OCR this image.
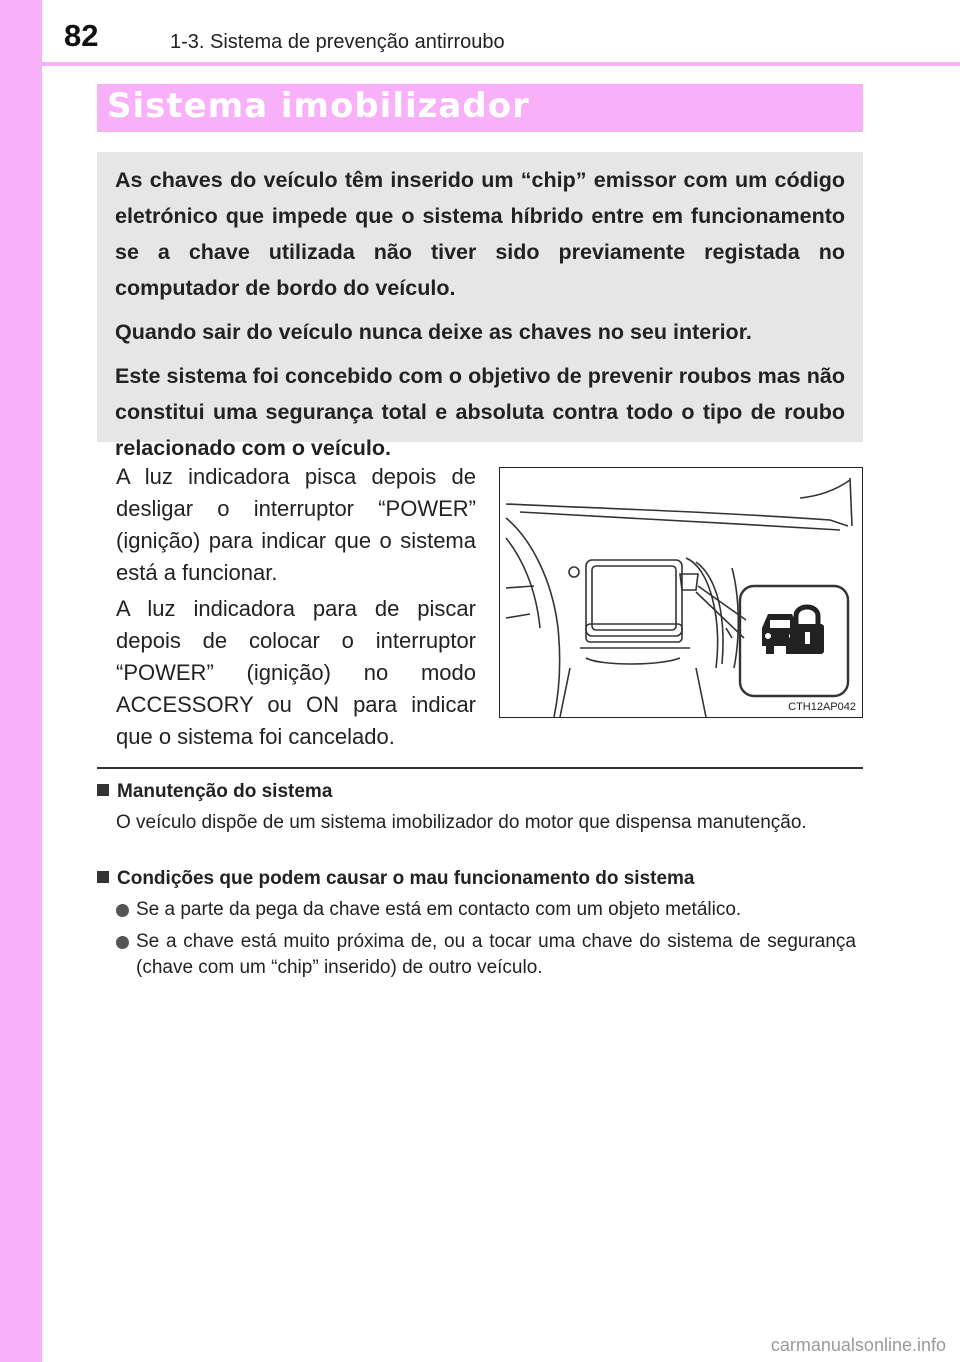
82	1-3. Sistema de prevenção antirroubo
Sistema imobilizador

As chaves do veículo têm inserido um “chip” emissor com um código eletrónico que impede que o sistema híbrido entre em funcionamento se a chave utilizada não tiver sido previamente registada no computador de bordo do veículo.

Quando sair do veículo nunca deixe as chaves no seu interior.

Este sistema foi concebido com o objetivo de prevenir roubos mas não constitui uma segurança total e absoluta contra todo o tipo de roubo relacionado com o veículo.

A luz indicadora pisca depois de desligar o interruptor “POWER” (ignição) para indicar que o sistema está a funcionar.

A luz indicadora para de piscar depois de colocar o interruptor “POWER” (ignição) no modo ACCESSORY ou ON para indicar que o sistema foi cancelado.

CTH12AP042
Manutenção do sistema

O veículo dispõe de um sistema imobilizador do motor que dispensa manutenção.

Condições que podem causar o mau funcionamento do sistema
Se a parte da pega da chave está em contacto com um objeto metálico.
Se a chave está muito próxima de, ou a tocar uma chave do sistema de segurança (chave com um “chip” inserido) de outro veículo.
carmanualsonline.info
